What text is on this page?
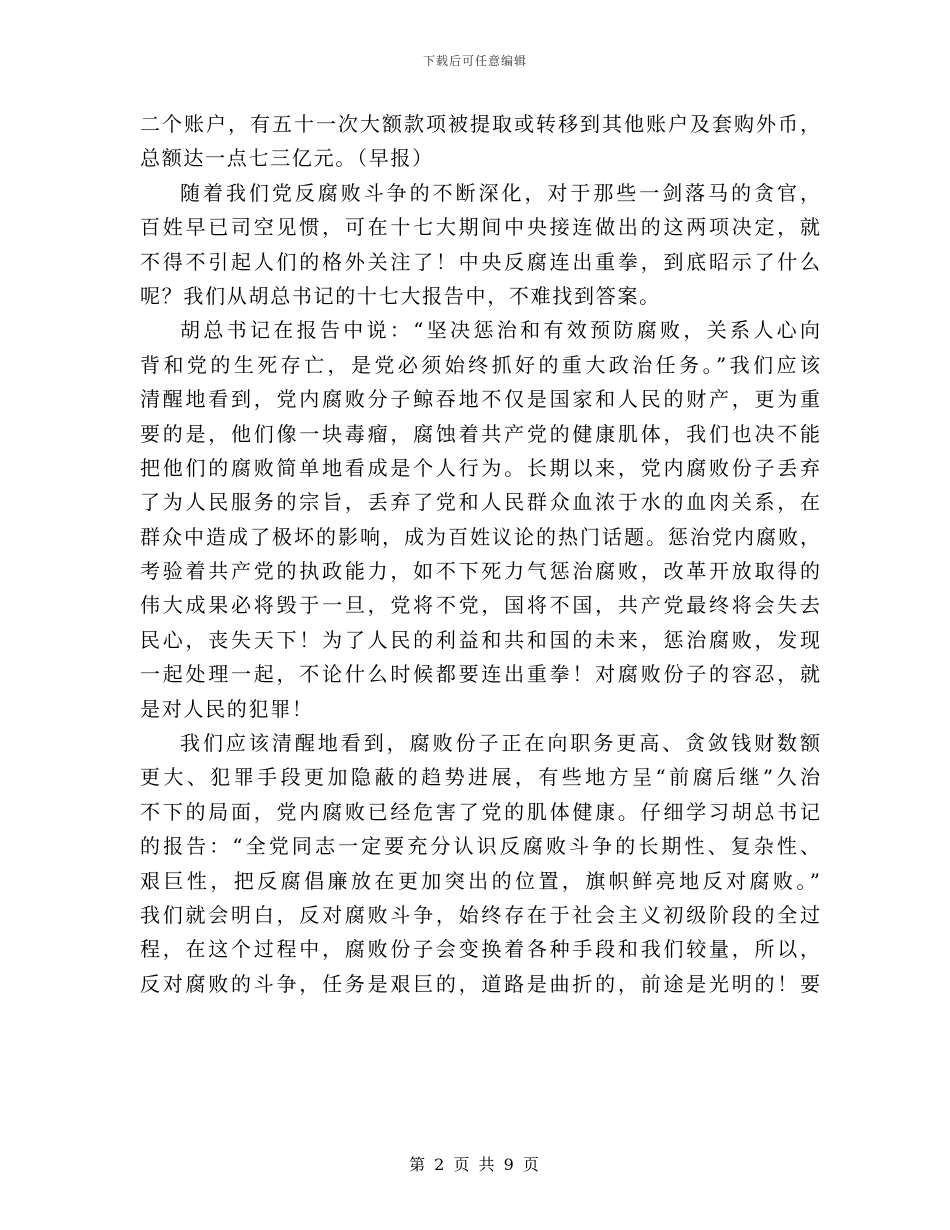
下载后可任意编辑
二个账户，有五十一次大额款项被提取或转移到其他账户及套购外币，
总额达一点七三亿元。（早报）
随着我们党反腐败斗争的不断深化，对于那些一剑落马的贪官，
百姓早已司空见惯，可在十七大期间中央接连做出的这两项决定，就
不得不引起人们的格外关注了！中央反腐连出重拳，到底昭示了什么
呢？我们从胡总书记的十七大报告中，不难找到答案。
胡总书记在报告中说：“坚决惩治和有效预防腐败，关系人心向
背和党的生死存亡，是党必须始终抓好的重大政治任务。”我们应该
清醒地看到，党内腐败分子鲸吞地不仅是国家和人民的财产，更为重
要的是，他们像一块毒瘤，腐蚀着共产党的健康肌体，我们也决不能
把他们的腐败简单地看成是个人行为。长期以来，党内腐败份子丢弃
了为人民服务的宗旨，丢弃了党和人民群众血浓于水的血肉关系，在
群众中造成了极坏的影响，成为百姓议论的热门话题。惩治党内腐败，
考验着共产党的执政能力，如不下死力气惩治腐败，改革开放取得的
伟大成果必将毁于一旦，党将不党，国将不国，共产党最终将会失去
民心，丧失天下！为了人民的利益和共和国的未来，惩治腐败，发现
一起处理一起，不论什么时候都要连出重拳！对腐败份子的容忍，就
是对人民的犯罪！
我们应该清醒地看到，腐败份子正在向职务更高、贪敛钱财数额
更大、犯罪手段更加隐蔽的趋势进展，有些地方呈“前腐后继”久治
不下的局面，党内腐败已经危害了党的肌体健康。仔细学习胡总书记
的报告：“全党同志一定要充分认识反腐败斗争的长期性、复杂性、
艰巨性，把反腐倡廉放在更加突出的位置，旗帜鲜亮地反对腐败。”
我们就会明白，反对腐败斗争，始终存在于社会主义初级阶段的全过
程，在这个过程中，腐败份子会变换着各种手段和我们较量，所以，
反对腐败的斗争，任务是艰巨的，道路是曲折的，前途是光明的！要
第 2 页 共 9 页
